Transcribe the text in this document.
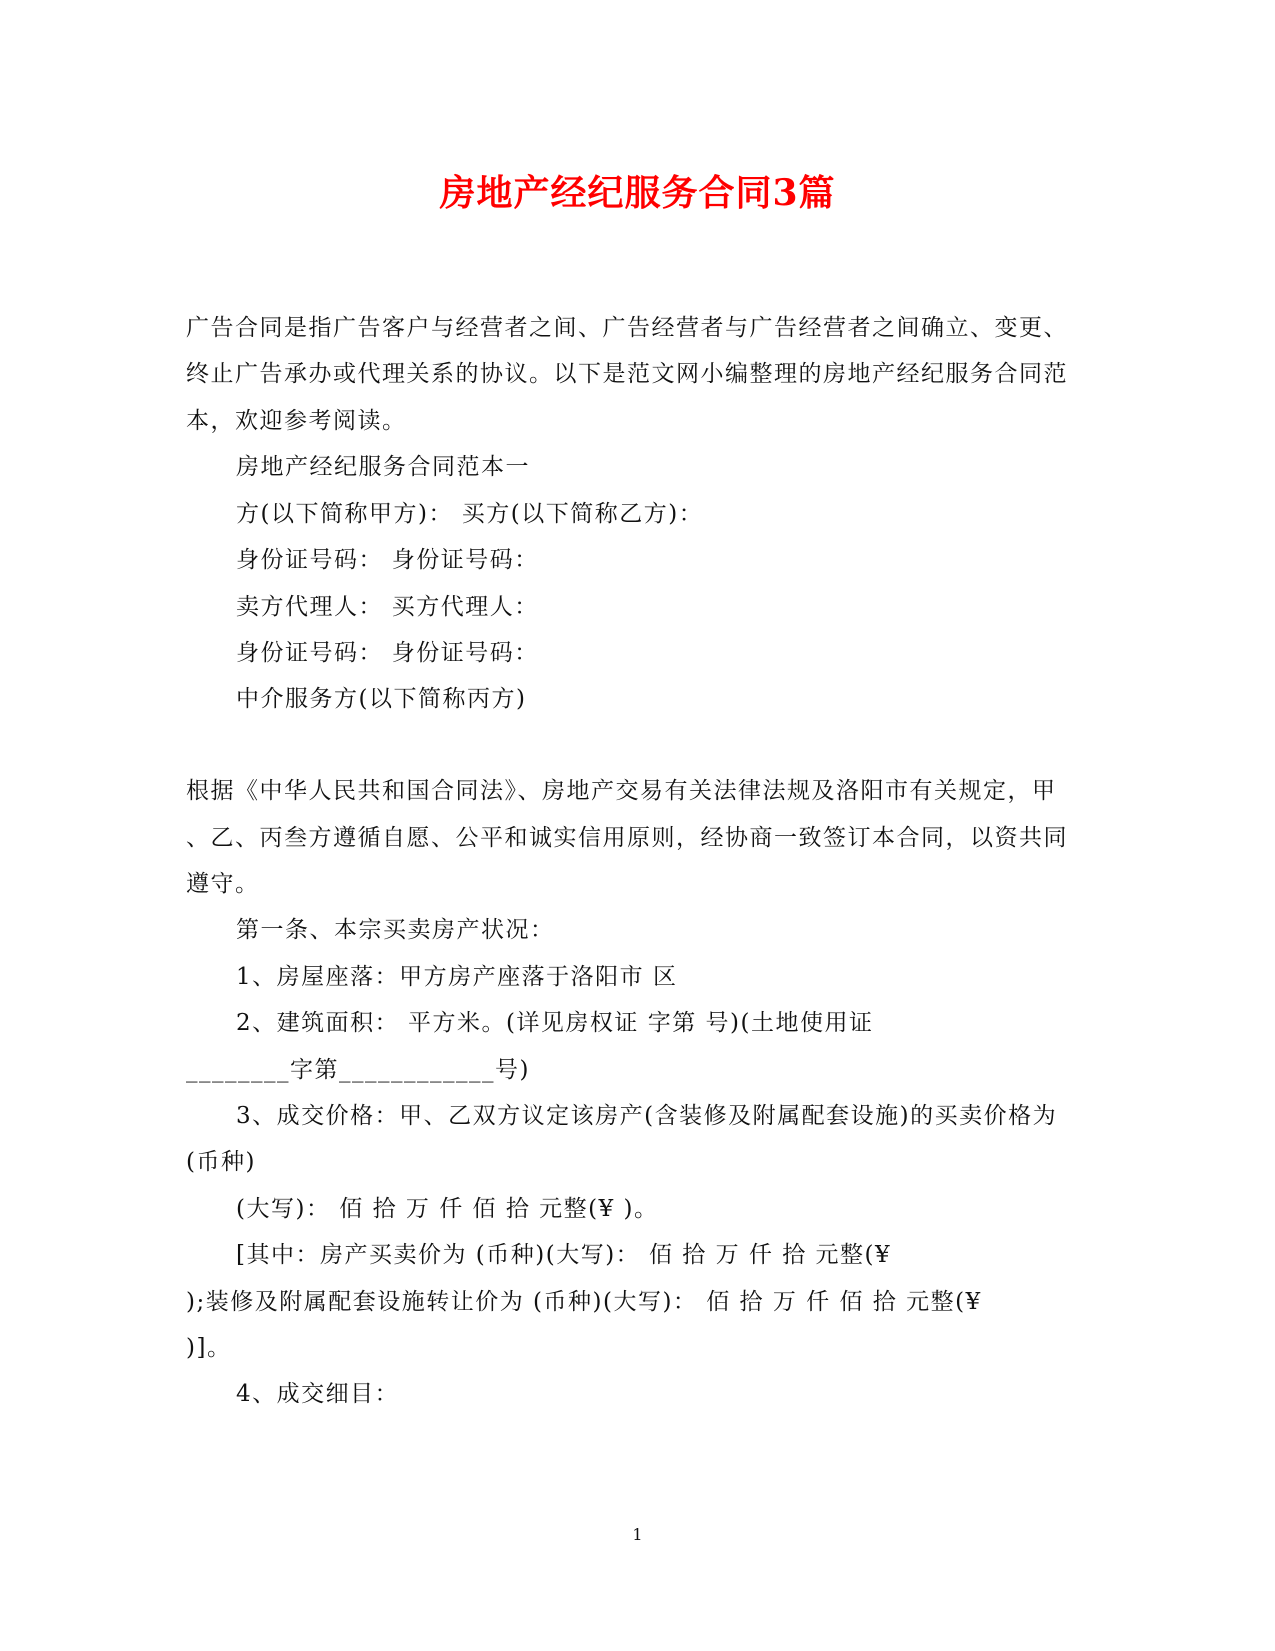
房地产经纪服务合同3篇
广告合同是指广告客户与经营者之间、广告经营者与广告经营者之间确立、变更、
终止广告承办或代理关系的协议。以下是范文网小编整理的房地产经纪服务合同范
本，欢迎参考阅读。
房地产经纪服务合同范本一
方(以下简称甲方)： 买方(以下简称乙方)：
身份证号码： 身份证号码：
卖方代理人： 买方代理人：
身份证号码： 身份证号码：
中介服务方(以下简称丙方)
根据《中华人民共和国合同法》、房地产交易有关法律法规及洛阳市有关规定，甲
、乙、丙叁方遵循自愿、公平和诚实信用原则，经协商一致签订本合同，以资共同
遵守。
第一条、本宗买卖房产状况：
1、房屋座落：甲方房产座落于洛阳市 区
2、建筑面积： 平方米。(详见房权证 字第 号)(土地使用证
________字第____________号)
3、成交价格：甲、乙双方议定该房产(含装修及附属配套设施)的买卖价格为
(币种)
(大写)： 佰 拾 万 仟 佰 拾 元整(¥ )。
[其中：房产买卖价为 (币种)(大写)： 佰 拾 万 仟 拾 元整(¥
);装修及附属配套设施转让价为 (币种)(大写)： 佰 拾 万 仟 佰 拾 元整(¥
)]。
4、成交细目：
1
